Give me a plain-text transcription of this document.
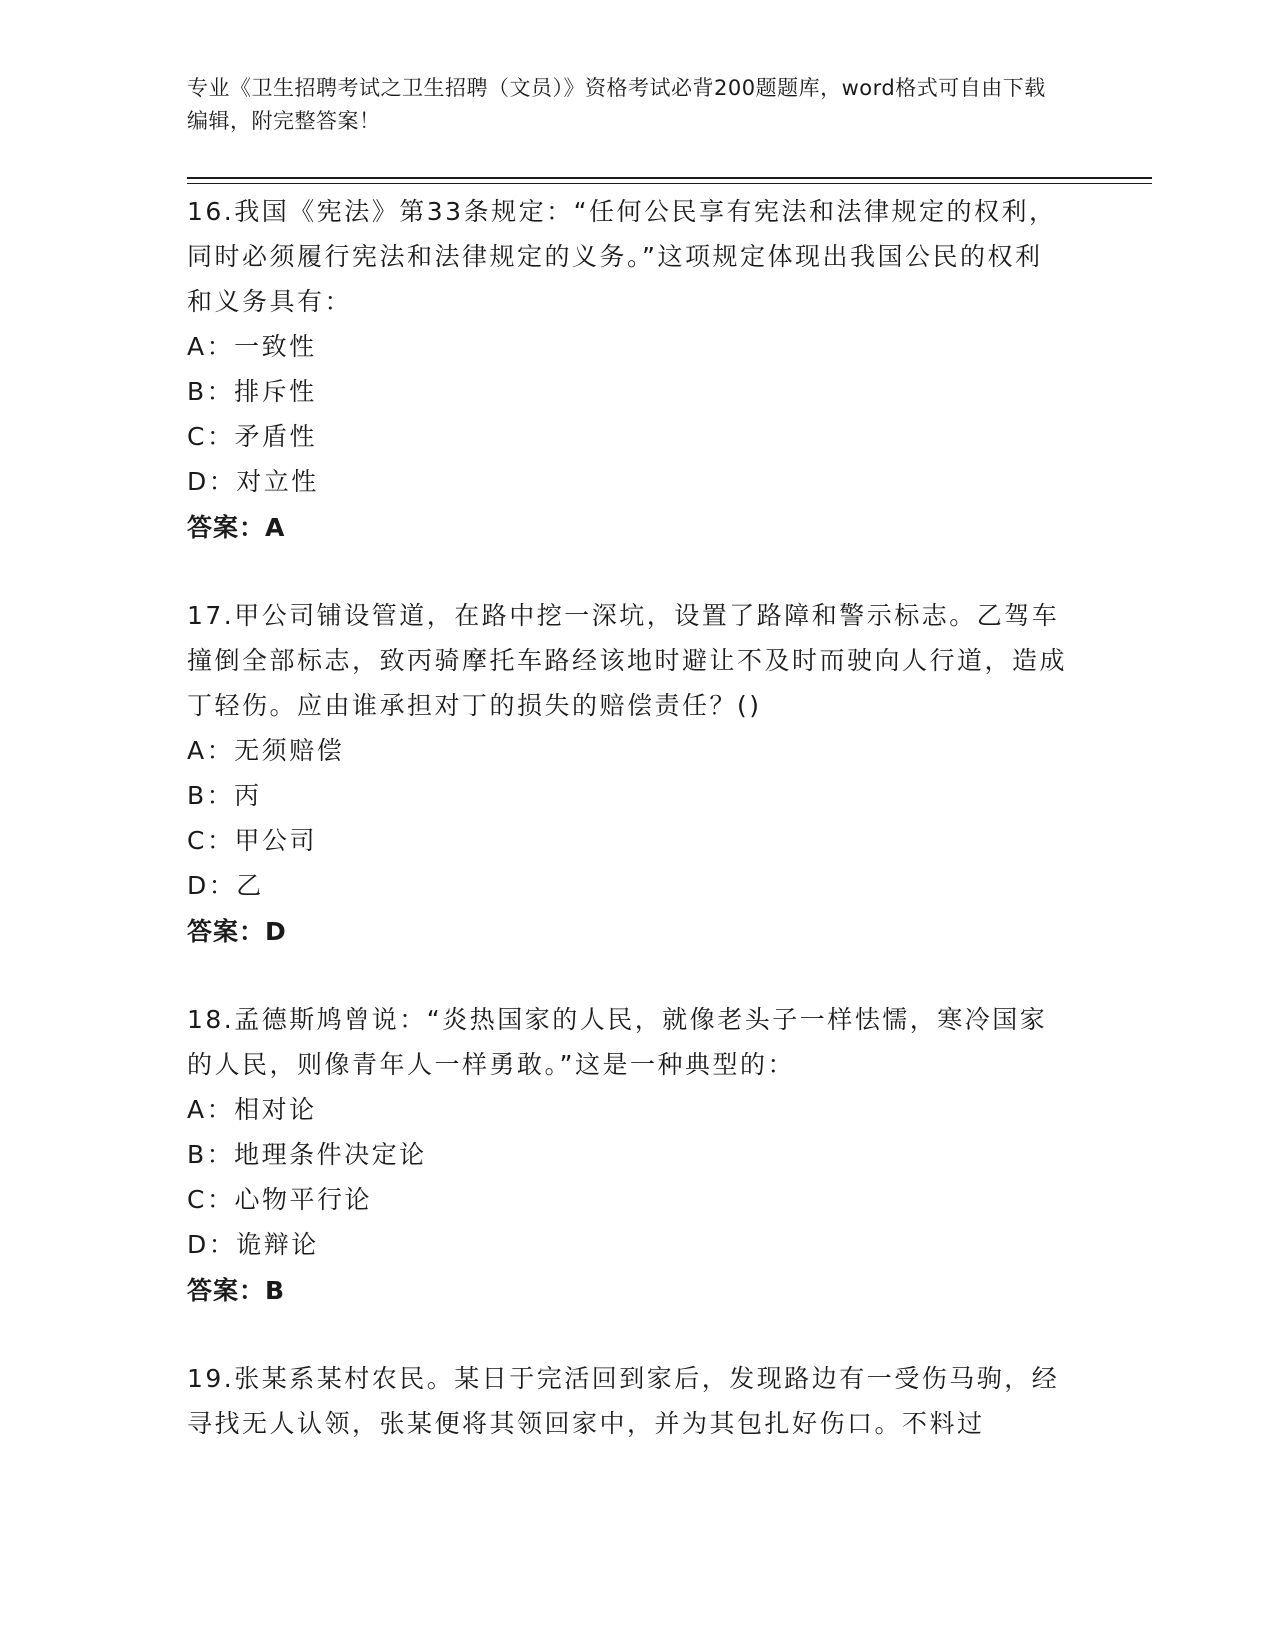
专业《卫生招聘考试之卫生招聘（文员）》资格考试必背200题题库，word格式可自由下载编辑，附完整答案！
16.我国《宪法》第33条规定：“任何公民享有宪法和法律规定的权利，同时必须履行宪法和法律规定的义务。”这项规定体现出我国公民的权利和义务具有：
A：一致性
B：排斥性
C：矛盾性
D：对立性
答案：A
17.甲公司铺设管道，在路中挖一深坑，设置了路障和警示标志。乙驾车撞倒全部标志，致丙骑摩托车路经该地时避让不及时而驶向人行道，造成丁轻伤。应由谁承担对丁的损失的赔偿责任？()
A：无须赔偿
B：丙
C：甲公司
D：乙
答案：D
18.孟德斯鸠曾说：“炎热国家的人民，就像老头子一样怯懦，寒冷国家的人民，则像青年人一样勇敢。”这是一种典型的：
A：相对论
B：地理条件决定论
C：心物平行论
D：诡辩论
答案：B
19.张某系某村农民。某日于完活回到家后，发现路边有一受伤马驹，经寻找无人认领，张某便将其领回家中，并为其包扎好伤口。不料过
